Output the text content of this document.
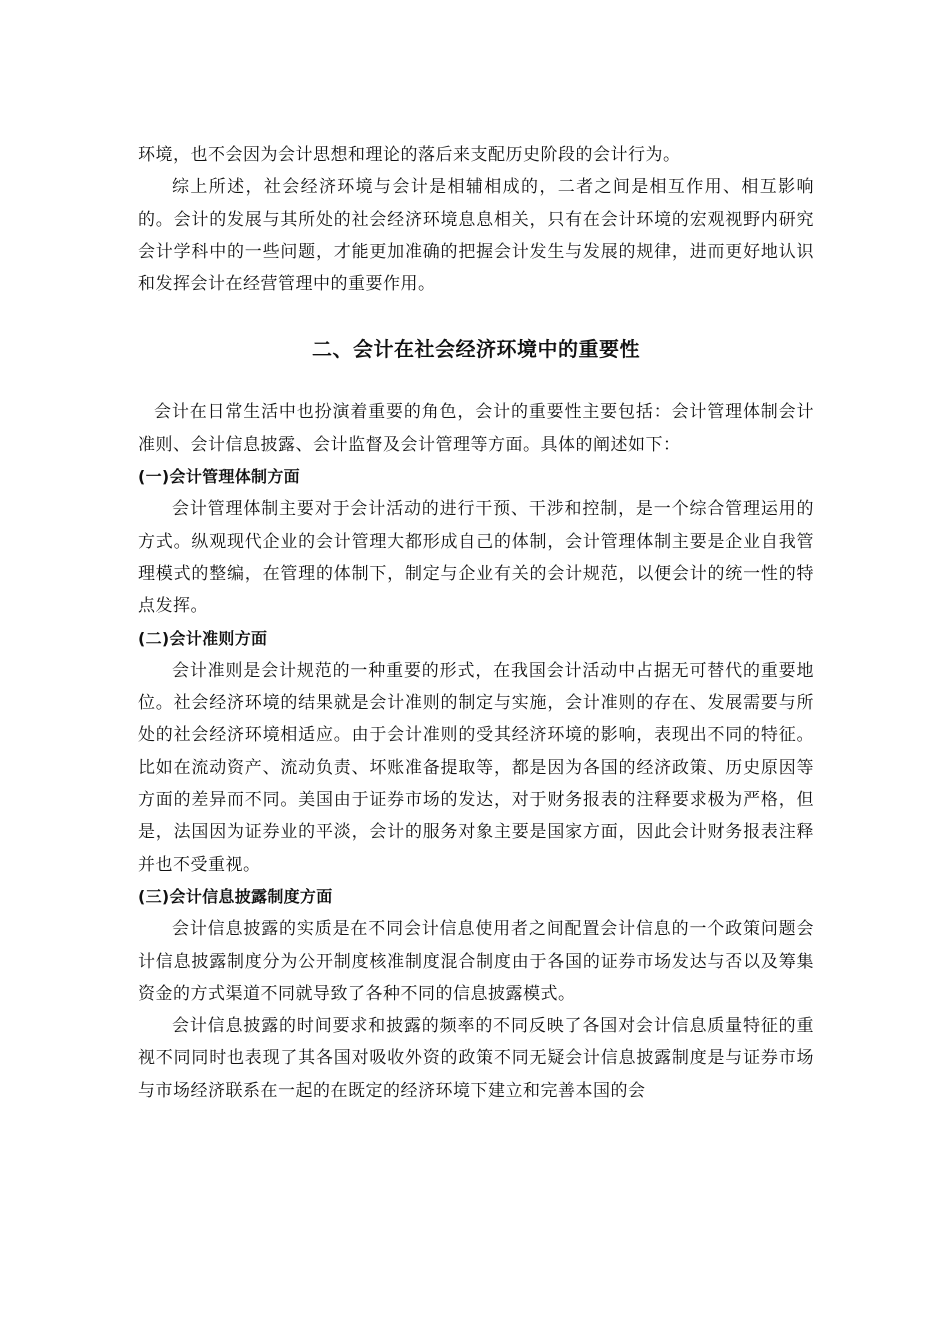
环境，也不会因为会计思想和理论的落后来支配历史阶段的会计行为。

综上所述，社会经济环境与会计是相辅相成的，二者之间是相互作用、相互影响的。会计的发展与其所处的社会经济环境息息相关，只有在会计环境的宏观视野内研究会计学科中的一些问题，才能更加准确的把握会计发生与发展的规律，进而更好地认识和发挥会计在经营管理中的重要作用。

二、会计在社会经济环境中的重要性

会计在日常生活中也扮演着重要的角色，会计的重要性主要包括：会计管理体制会计准则、会计信息披露、会计监督及会计管理等方面。具体的阐述如下：

(一)会计管理体制方面

会计管理体制主要对于会计活动的进行干预、干涉和控制，是一个综合管理运用的方式。纵观现代企业的会计管理大都形成自己的体制，会计管理体制主要是企业自我管理模式的整编，在管理的体制下，制定与企业有关的会计规范，以便会计的统一性的特点发挥。

(二)会计准则方面

会计准则是会计规范的一种重要的形式，在我国会计活动中占据无可替代的重要地位。社会经济环境的结果就是会计准则的制定与实施，会计准则的存在、发展需要与所处的社会经济环境相适应。由于会计准则的受其经济环境的影响，表现出不同的特征。比如在流动资产、流动负责、坏账准备提取等，都是因为各国的经济政策、历史原因等方面的差异而不同。美国由于证券市场的发达，对于财务报表的注释要求极为严格，但是，法国因为证券业的平淡，会计的服务对象主要是国家方面，因此会计财务报表注释并也不受重视。

(三)会计信息披露制度方面

会计信息披露的实质是在不同会计信息使用者之间配置会计信息的一个政策问题会计信息披露制度分为公开制度核准制度混合制度由于各国的证券市场发达与否以及筹集资金的方式渠道不同就导致了各种不同的信息披露模式。

会计信息披露的时间要求和披露的频率的不同反映了各国对会计信息质量特征的重视不同同时也表现了其各国对吸收外资的政策不同无疑会计信息披露制度是与证券市场与市场经济联系在一起的在既定的经济环境下建立和完善本国的会
